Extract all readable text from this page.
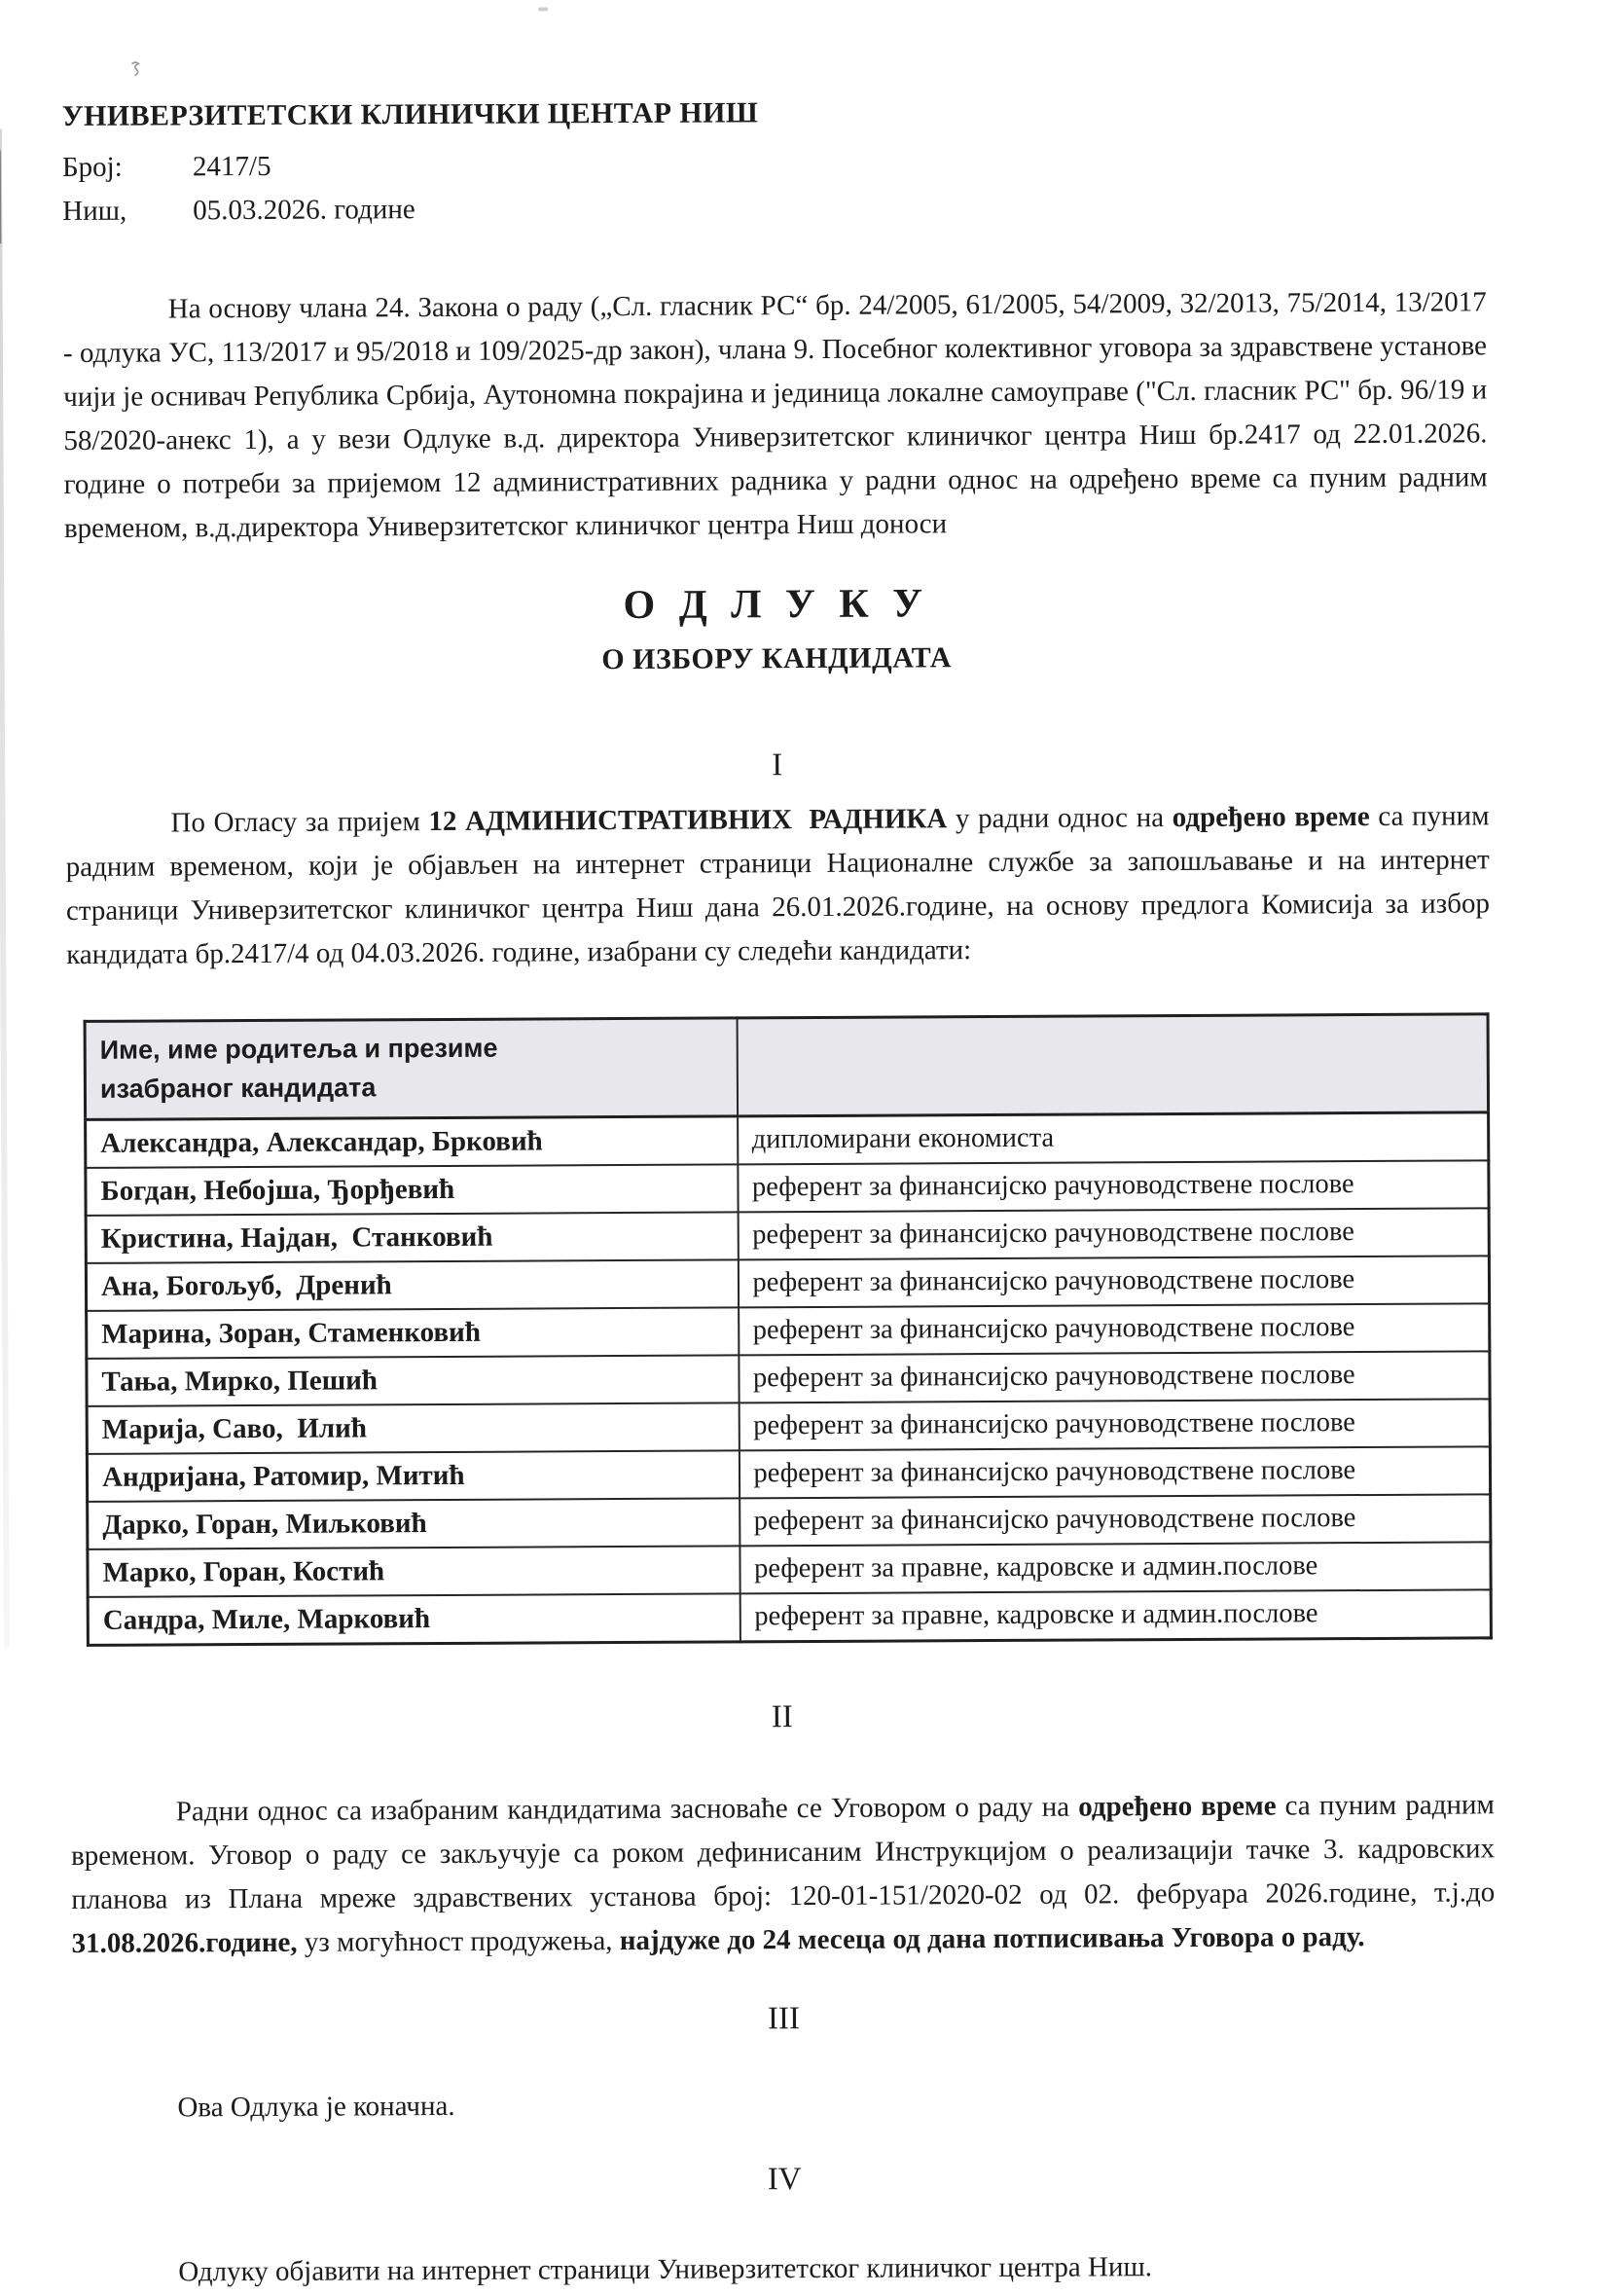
УНИВЕРЗИТЕТСКИ КЛИНИЧКИ ЦЕНТАР НИШ
Број: 2417/5
Ниш, 05.03.2026. године

На основу члана 24. Закона о раду („Сл. гласник РС“ бр. 24/2005, 61/2005, 54/2009, 32/2013, 75/2014, 13/2017 - одлука УС, 113/2017 и 95/2018 и 109/2025-др закон), члана 9. Посебног колективног уговора за здравствене установе чији је оснивач Република Србија, Аутономна покрајина и јединица локалне самоуправе ("Сл. гласник РС" бр. 96/19 и 58/2020-анекс 1), а у вези Одлуке в.д. директора Универзитетског клиничког центра Ниш бр.2417 од 22.01.2026. године о потреби за пријемом 12 административних радника у радни однос на одређено време са пуним радним временом, в.д.директора Универзитетског клиничког центра Ниш доноси

О Д Л У К У
О ИЗБОРУ КАНДИДАТА
I

По Огласу за пријем 12 АДМИНИСТРАТИВНИХ  РАДНИКА у радни однос на одређено време са пуним радним временом, који је објављен на интернет страници Националне службе за запошљавање и на интернет страници Универзитетског клиничког центра Ниш дана 26.01.2026.године, на основу предлога Комисија за избор кандидата бр.2417/4 од 04.03.2026. године, изабрани су следећи кандидати:

Име, име родитеља и презиме изабраног кандидата	
Александра, Александар, Брковић	дипломирани економиста
Богдан, Небојша, Ђорђевић	референт за финансијско рачуноводствене послове
Кристина, Најдан,  Станковић	референт за финансијско рачуноводствене послове
Ана, Богољуб,  Дренић	референт за финансијско рачуноводствене послове
Марина, Зоран, Стаменковић	референт за финансијско рачуноводствене послове
Тања, Мирко, Пешић	референт за финансијско рачуноводствене послове
Марија, Саво,  Илић	референт за финансијско рачуноводствене послове
Андријана, Ратомир, Митић	референт за финансијско рачуноводствене послове
Дарко, Горан, Миљковић	референт за финансијско рачуноводствене послове
Марко, Горан, Костић	референт за правне, кадровске и админ.послове
Сандра, Миле, Марковић	референт за правне, кадровске и админ.послове
II

Радни однос са изабраним кандидатима засноваће се Уговором о раду на одређено време са пуним радним временом. Уговор о раду се закључује са роком дефинисаним Инструкцијом о реализацији тачке 3. кадровских планова из Плана мреже здравствених установа број: 120-01-151/2020-02 од 02. фебруара 2026.године, т.ј.до 31.08.2026.године, уз могућност продужења, најдуже до 24 месеца од дана потписивања Уговора о раду.

III

Ова Одлука је коначна.

IV

Одлуку објавити на интернет страници Универзитетског клиничког центра Ниш.
